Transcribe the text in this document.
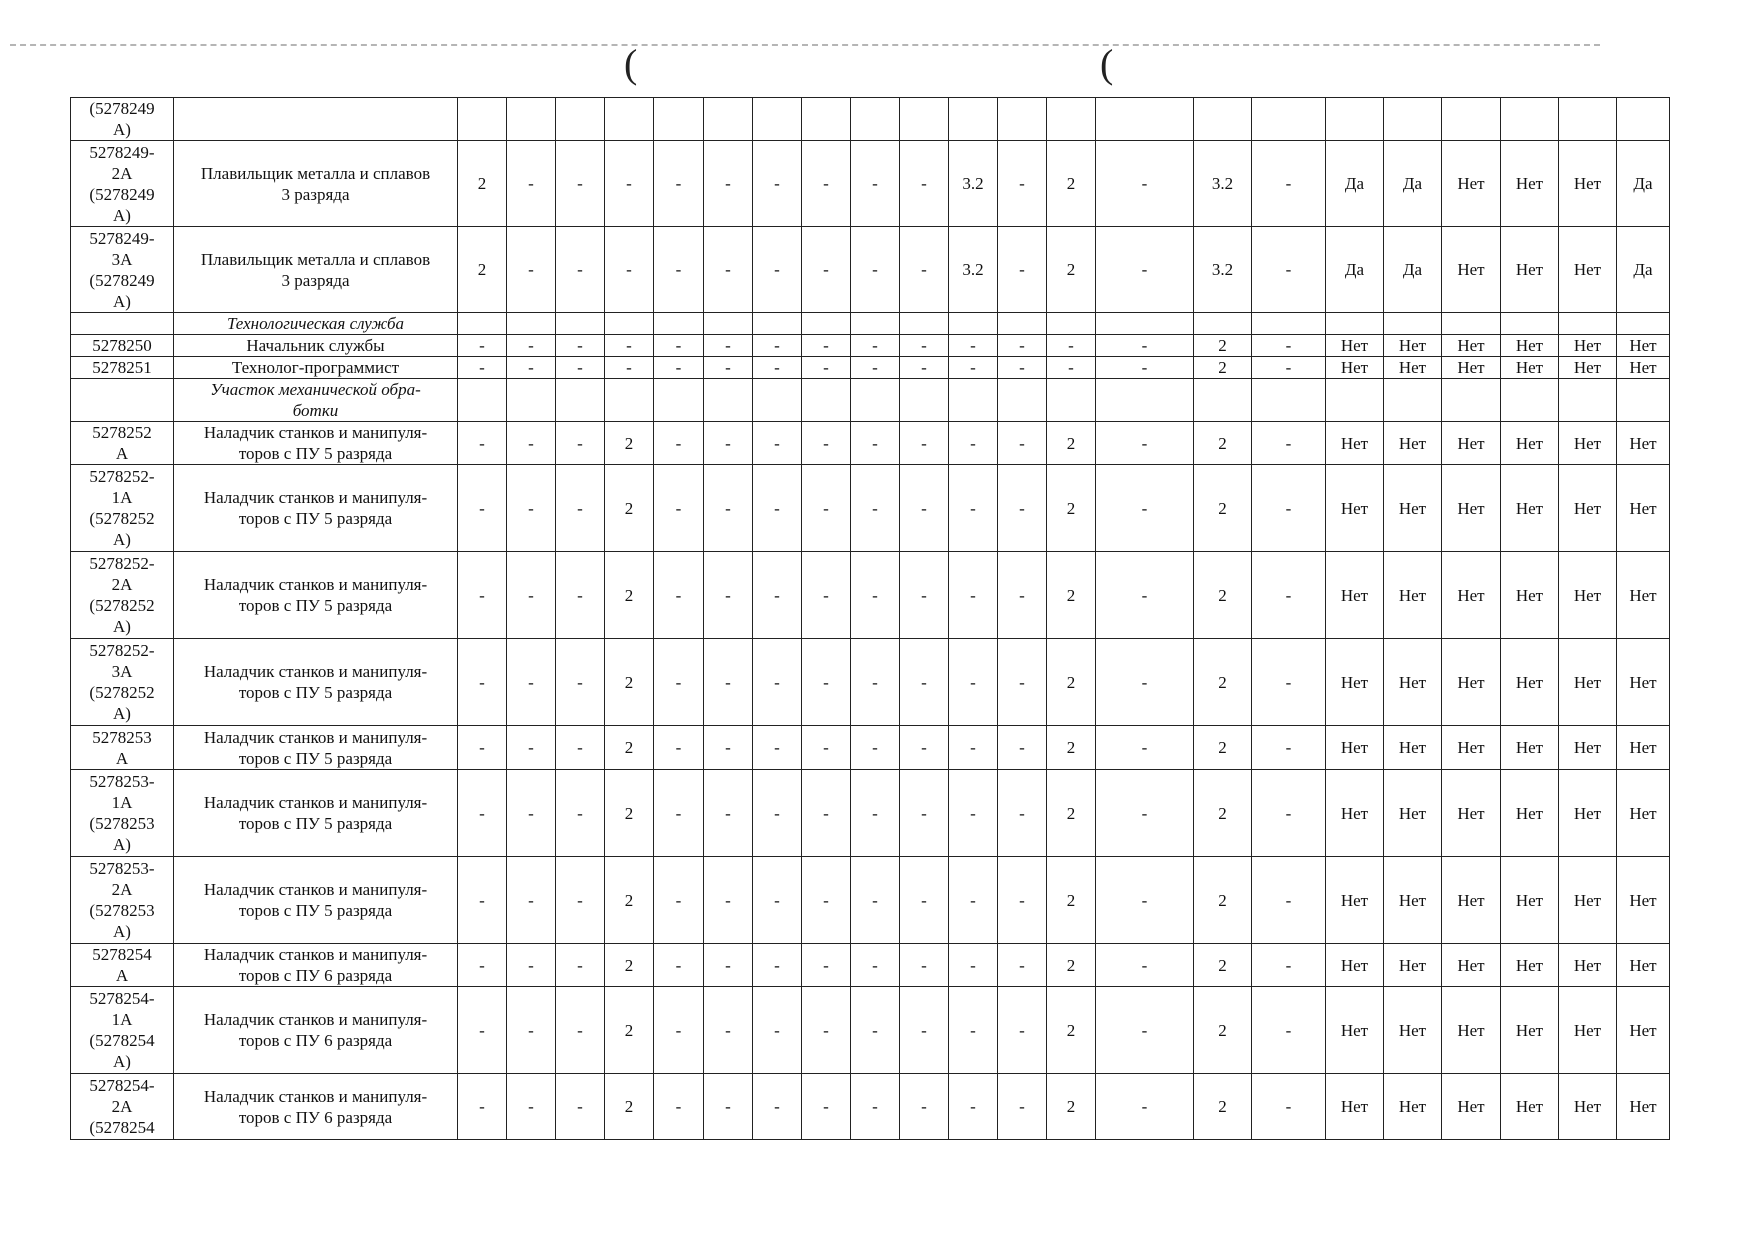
(	(
(5278249
A)																							
5278249-
2A
(5278249
A)	Плавильщик металла и сплавов
3 разряда	2	-	-	-	-	-	-	-	-	-	3.2	-	2	-	3.2	-	Да	Да	Нет	Нет	Нет	Да
5278249-
3A
(5278249
A)	Плавильщик металла и сплавов
3 разряда	2	-	-	-	-	-	-	-	-	-	3.2	-	2	-	3.2	-	Да	Да	Нет	Нет	Нет	Да
	Технологическая служба																						
5278250	Начальник службы	-	-	-	-	-	-	-	-	-	-	-	-	-	-	2	-	Нет	Нет	Нет	Нет	Нет	Нет
5278251	Технолог-программист	-	-	-	-	-	-	-	-	-	-	-	-	-	-	2	-	Нет	Нет	Нет	Нет	Нет	Нет
	Участок механической обра-
ботки																						
5278252
A	Наладчик станков и манипуля-
торов с ПУ 5 разряда	-	-	-	2	-	-	-	-	-	-	-	-	2	-	2	-	Нет	Нет	Нет	Нет	Нет	Нет
5278252-
1A
(5278252
A)	Наладчик станков и манипуля-
торов с ПУ 5 разряда	-	-	-	2	-	-	-	-	-	-	-	-	2	-	2	-	Нет	Нет	Нет	Нет	Нет	Нет
5278252-
2A
(5278252
A)	Наладчик станков и манипуля-
торов с ПУ 5 разряда	-	-	-	2	-	-	-	-	-	-	-	-	2	-	2	-	Нет	Нет	Нет	Нет	Нет	Нет
5278252-
3A
(5278252
A)	Наладчик станков и манипуля-
торов с ПУ 5 разряда	-	-	-	2	-	-	-	-	-	-	-	-	2	-	2	-	Нет	Нет	Нет	Нет	Нет	Нет
5278253
A	Наладчик станков и манипуля-
торов с ПУ 5 разряда	-	-	-	2	-	-	-	-	-	-	-	-	2	-	2	-	Нет	Нет	Нет	Нет	Нет	Нет
5278253-
1A
(5278253
A)	Наладчик станков и манипуля-
торов с ПУ 5 разряда	-	-	-	2	-	-	-	-	-	-	-	-	2	-	2	-	Нет	Нет	Нет	Нет	Нет	Нет
5278253-
2A
(5278253
A)	Наладчик станков и манипуля-
торов с ПУ 5 разряда	-	-	-	2	-	-	-	-	-	-	-	-	2	-	2	-	Нет	Нет	Нет	Нет	Нет	Нет
5278254
A	Наладчик станков и манипуля-
торов с ПУ 6 разряда	-	-	-	2	-	-	-	-	-	-	-	-	2	-	2	-	Нет	Нет	Нет	Нет	Нет	Нет
5278254-
1A
(5278254
A)	Наладчик станков и манипуля-
торов с ПУ 6 разряда	-	-	-	2	-	-	-	-	-	-	-	-	2	-	2	-	Нет	Нет	Нет	Нет	Нет	Нет
5278254-
2A
(5278254	Наладчик станков и манипуля-
торов с ПУ 6 разряда	-	-	-	2	-	-	-	-	-	-	-	-	2	-	2	-	Нет	Нет	Нет	Нет	Нет	Нет
